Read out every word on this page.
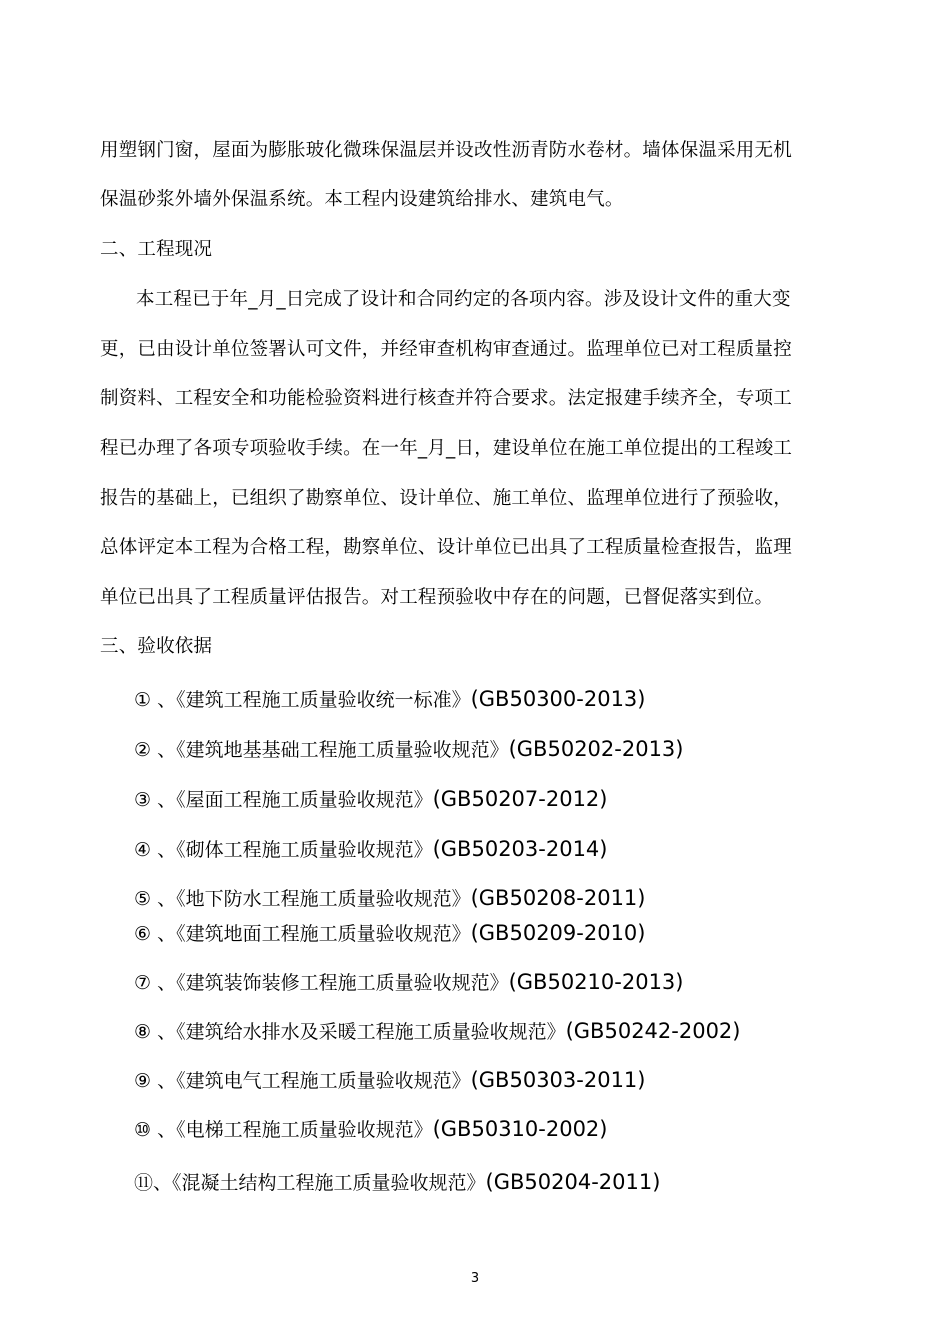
用塑钢门窗，屋面为膨胀玻化微珠保温层并设改性沥青防水卷材。墙体保温采用无机
保温砂浆外墙外保温系统。本工程内设建筑给排水、建筑电气。
二、工程现况
本工程已于年_月_日完成了设计和合同约定的各项内容。涉及设计文件的重大变
更，已由设计单位签署认可文件，并经审查机构审查通过。监理单位已对工程质量控
制资料、工程安全和功能检验资料进行核查并符合要求。法定报建手续齐全，专项工
程已办理了各项专项验收手续。在一年_月_日，建设单位在施工单位提出的工程竣工
报告的基础上，已组织了勘察单位、设计单位、施工单位、监理单位进行了预验收，
总体评定本工程为合格工程，勘察单位、设计单位已出具了工程质量检查报告，监理
单位已出具了工程质量评估报告。对工程预验收中存在的问题，已督促落实到位。
三、验收依据
① 、《建筑工程施工质量验收统一标准》(GB50300-2013)
② 、《建筑地基基础工程施工质量验收规范》(GB50202-2013)
③ 、《屋面工程施工质量验收规范》(GB50207-2012)
④ 、《砌体工程施工质量验收规范》(GB50203-2014)
⑤ 、《地下防水工程施工质量验收规范》(GB50208-2011)
⑥ 、《建筑地面工程施工质量验收规范》(GB50209-2010)
⑦ 、《建筑装饰装修工程施工质量验收规范》(GB50210-2013)
⑧ 、《建筑给水排水及采暖工程施工质量验收规范》(GB50242-2002)
⑨ 、《建筑电气工程施工质量验收规范》(GB50303-2011)
⑩ 、《电梯工程施工质量验收规范》(GB50310-2002)
⑪、《混凝土结构工程施工质量验收规范》(GB50204-2011)
3
